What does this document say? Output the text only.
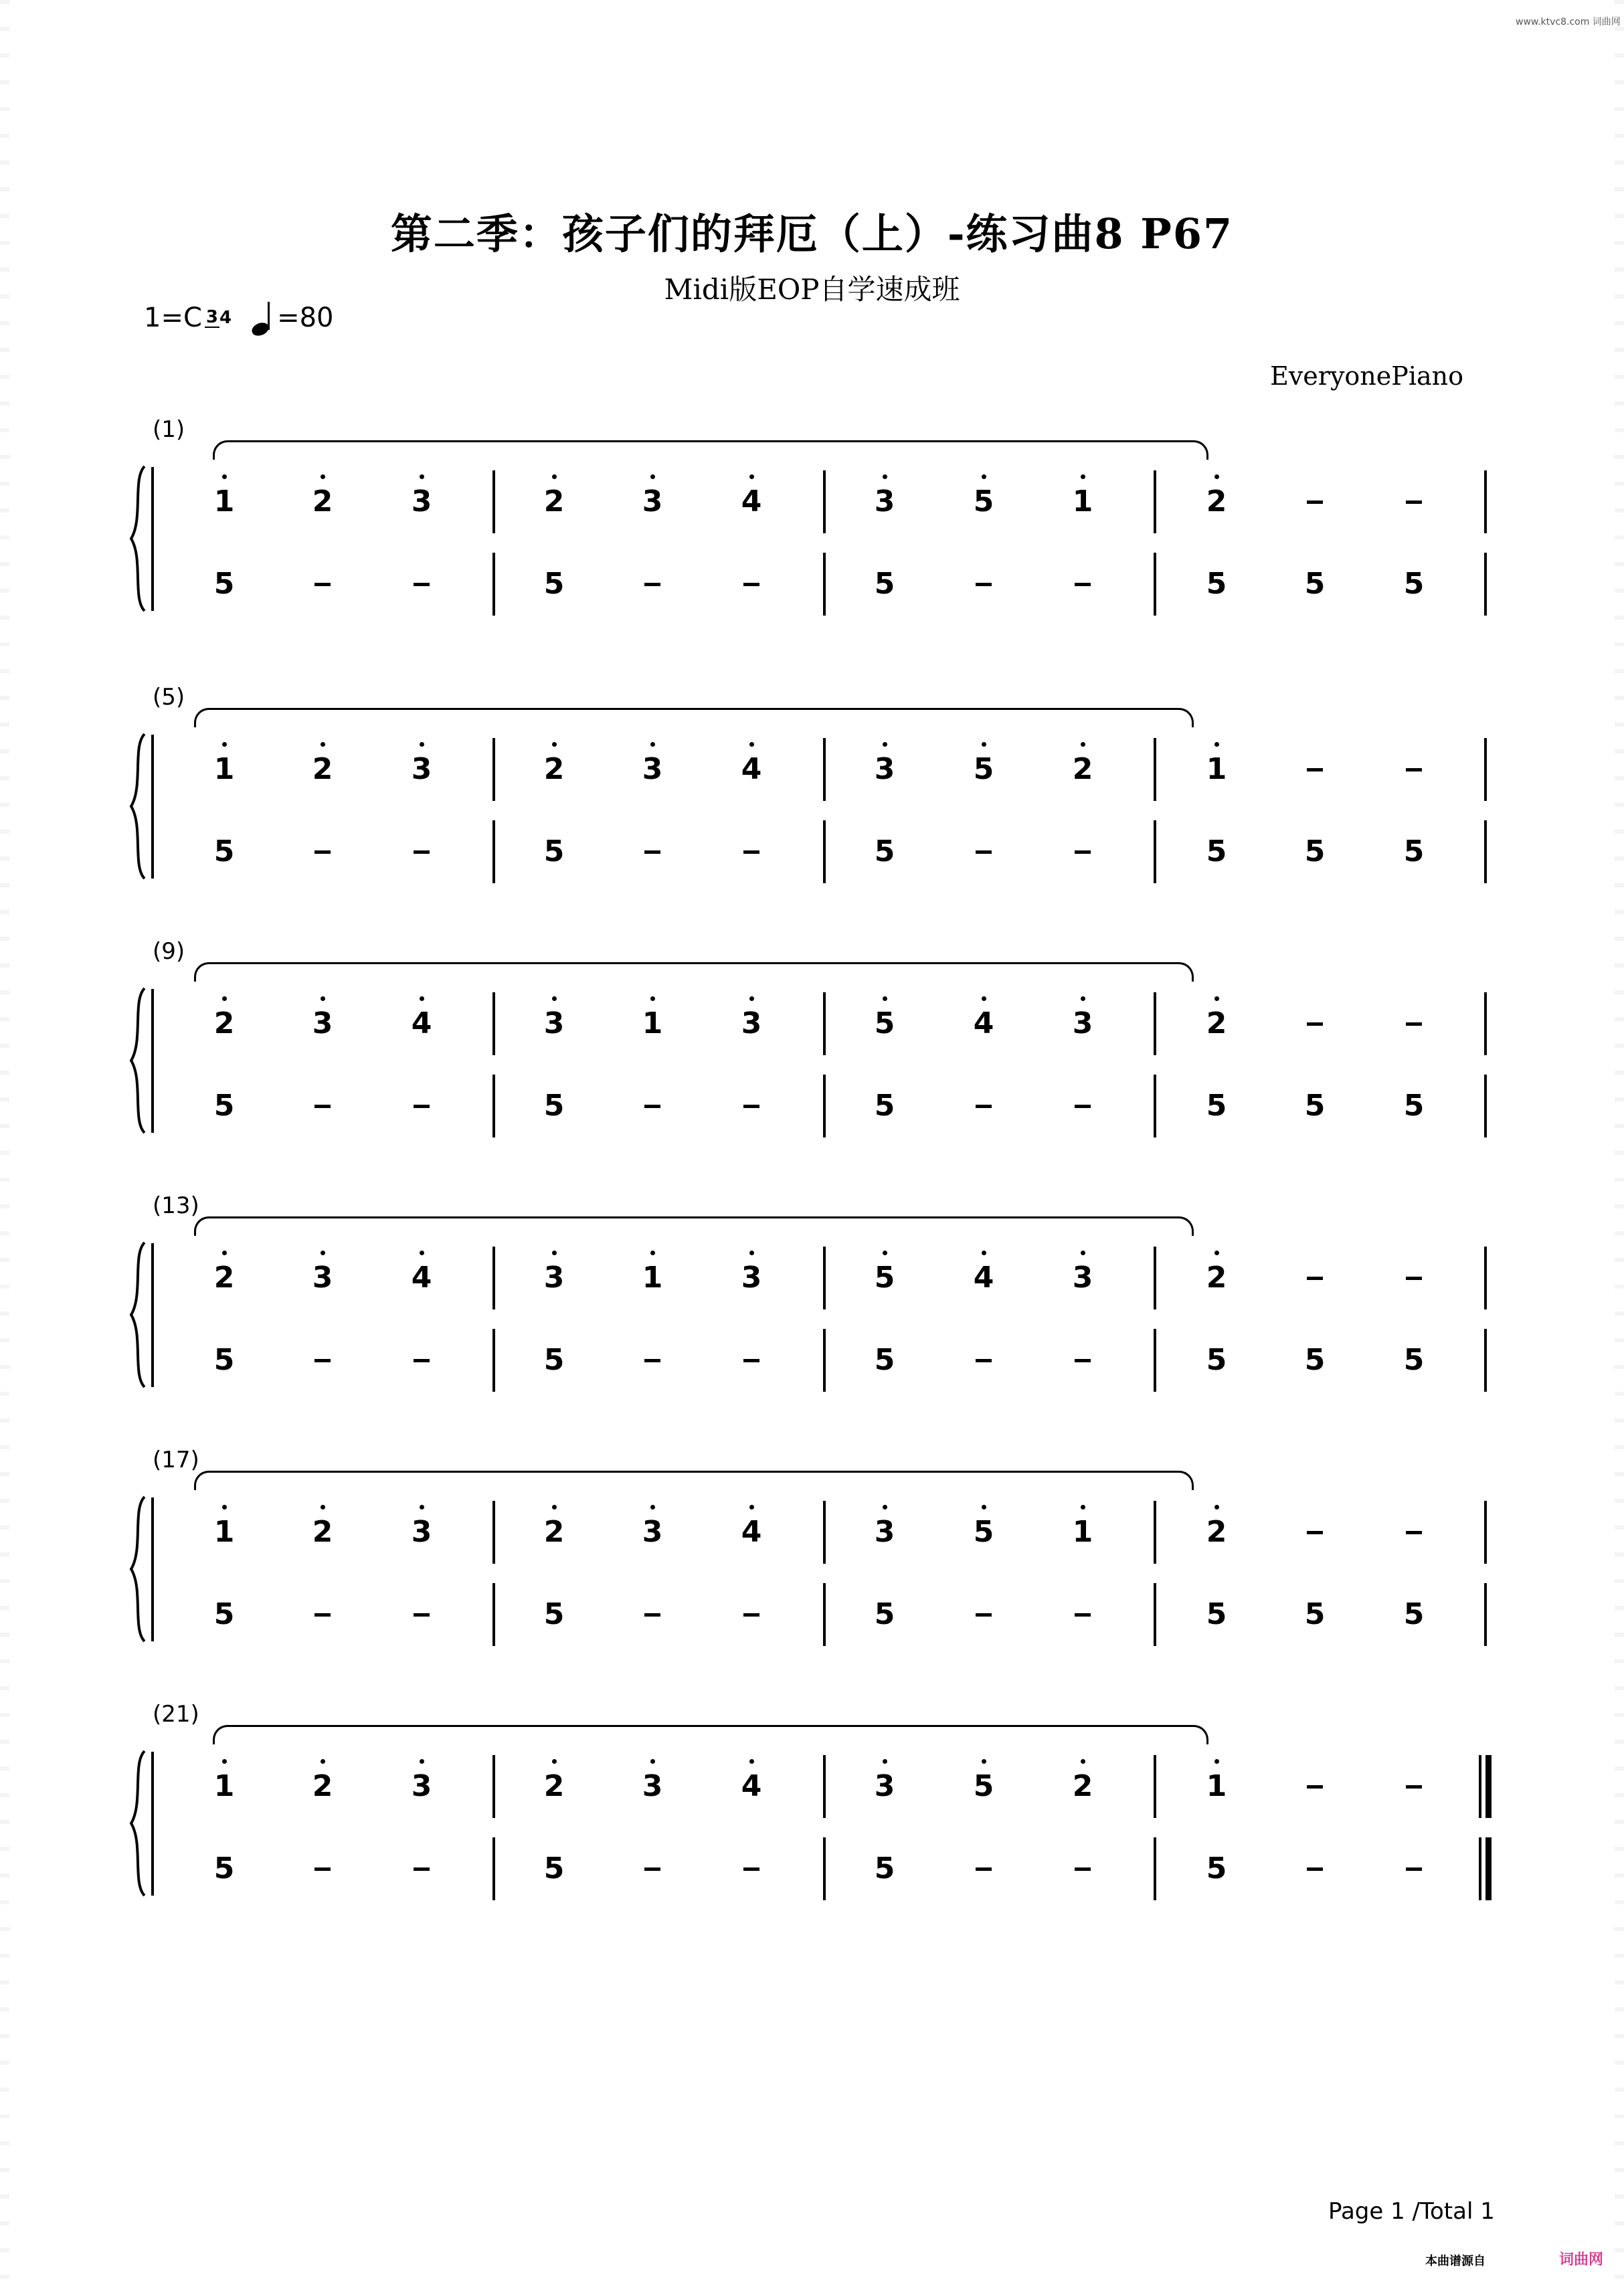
www.ktvc8.com 词曲网
第二季：孩子们的拜厄（上）-练习曲8 P67
Midi版EOP自学速成班
1=C 34 =80
EveryonePiano
(1)
1	2	3	2	3	4	3	5	1	2
5	5	5	5	5	5
(5)
1	2	3	2	3	4	3	5	2	1
5	5	5	5	5	5
(9)
2	3	4	3	1	3	5	4	3	2
5	5	5	5	5	5
(13)
2	3	4	3	1	3	5	4	3	2
5	5	5	5	5	5
(17)
1	2	3	2	3	4	3	5	1	2
5	5	5	5	5	5
(21)
1	2	3	2	3	4	3	5	2	1
5	5	5	5
Page 1 /Total 1
本曲谱源自	词曲网
